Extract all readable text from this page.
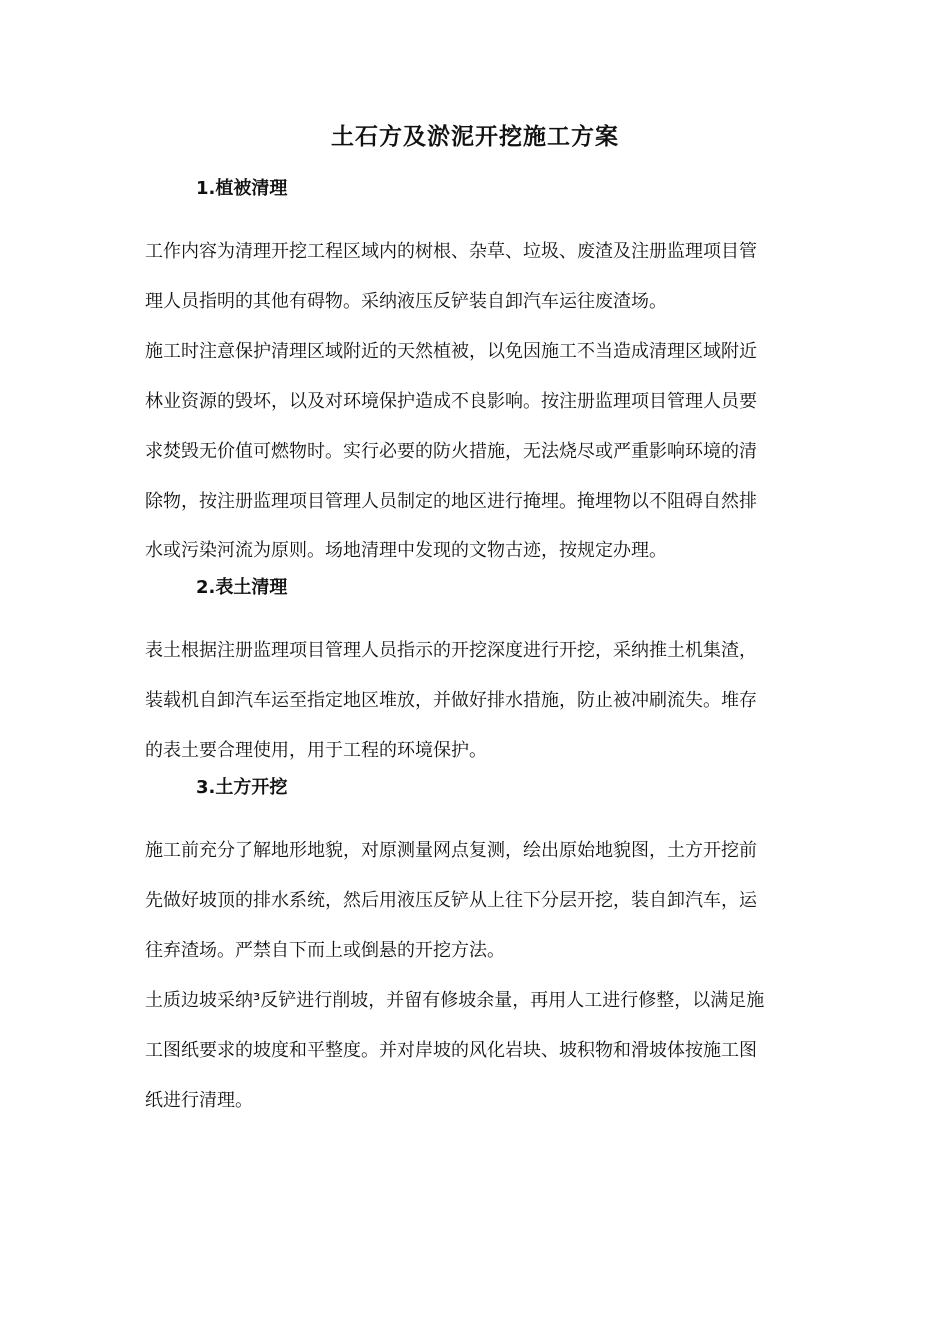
土石方及淤泥开挖施工方案
1.植被清理
工作内容为清理开挖工程区域内的树根、杂草、垃圾、废渣及注册监理项目管
理人员指明的其他有碍物。采纳液压反铲装自卸汽车运往废渣场。
施工时注意保护清理区域附近的天然植被，以免因施工不当造成清理区域附近
林业资源的毁坏，以及对环境保护造成不良影响。按注册监理项目管理人员要
求焚毁无价值可燃物时。实行必要的防火措施，无法烧尽或严重影响环境的清
除物，按注册监理项目管理人员制定的地区进行掩埋。掩埋物以不阻碍自然排
水或污染河流为原则。场地清理中发现的文物古迹，按规定办理。
2.表土清理
表土根据注册监理项目管理人员指示的开挖深度进行开挖，采纳推土机集渣，
装载机自卸汽车运至指定地区堆放，并做好排水措施，防止被冲刷流失。堆存
的表土要合理使用，用于工程的环境保护。
3.土方开挖
施工前充分了解地形地貌，对原测量网点复测，绘出原始地貌图，土方开挖前
先做好坡顶的排水系统，然后用液压反铲从上往下分层开挖，装自卸汽车，运
往弃渣场。严禁自下而上或倒悬的开挖方法。
土质边坡采纳³反铲进行削坡，并留有修坡余量，再用人工进行修整，以满足施
工图纸要求的坡度和平整度。并对岸坡的风化岩块、坡积物和滑坡体按施工图
纸进行清理。
